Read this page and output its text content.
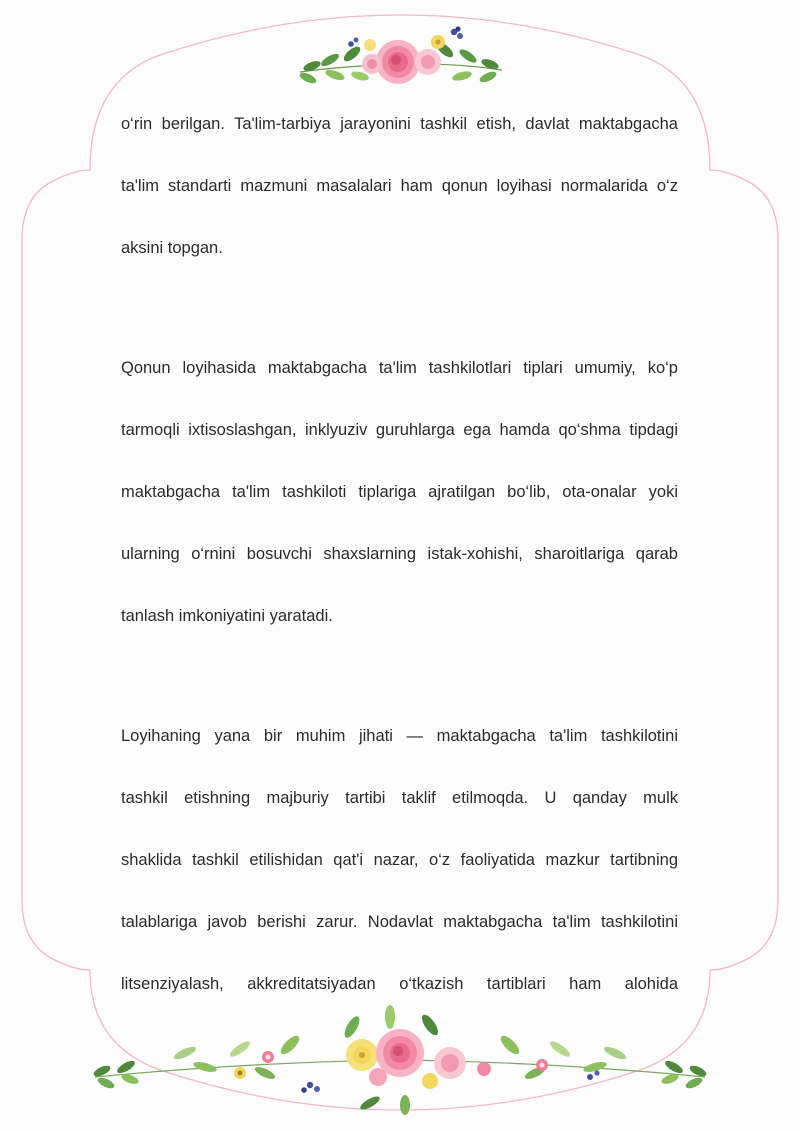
o‘rin berilgan. Ta'lim-tarbiya jarayonini tashkil etish, davlat maktabgacha
ta'lim standarti mazmuni masalalari ham qonun loyihasi normalarida o‘z
aksini topgan.

Qonun loyihasida maktabgacha ta'lim tashkilotlari tiplari umumiy, ko‘p
tarmoqli ixtisoslashgan, inklyuziv guruhlarga ega hamda qo‘shma tipdagi
maktabgacha ta'lim tashkiloti tiplariga ajratilgan bo‘lib, ota-onalar yoki
ularning o‘rnini bosuvchi shaxslarning istak-xohishi, sharoitlariga qarab
tanlash imkoniyatini yaratadi.

Loyihaning yana bir muhim jihati — maktabgacha ta'lim tashkilotini
tashkil etishning majburiy tartibi taklif etilmoqda. U qanday mulk
shaklida tashkil etilishidan qat'i nazar, o‘z faoliyatida mazkur tartibning
talablariga javob berishi zarur. Nodavlat maktabgacha ta'lim tashkilotini
litsenziyalash, akkreditatsiyadan o‘tkazish tartiblari ham alohida
